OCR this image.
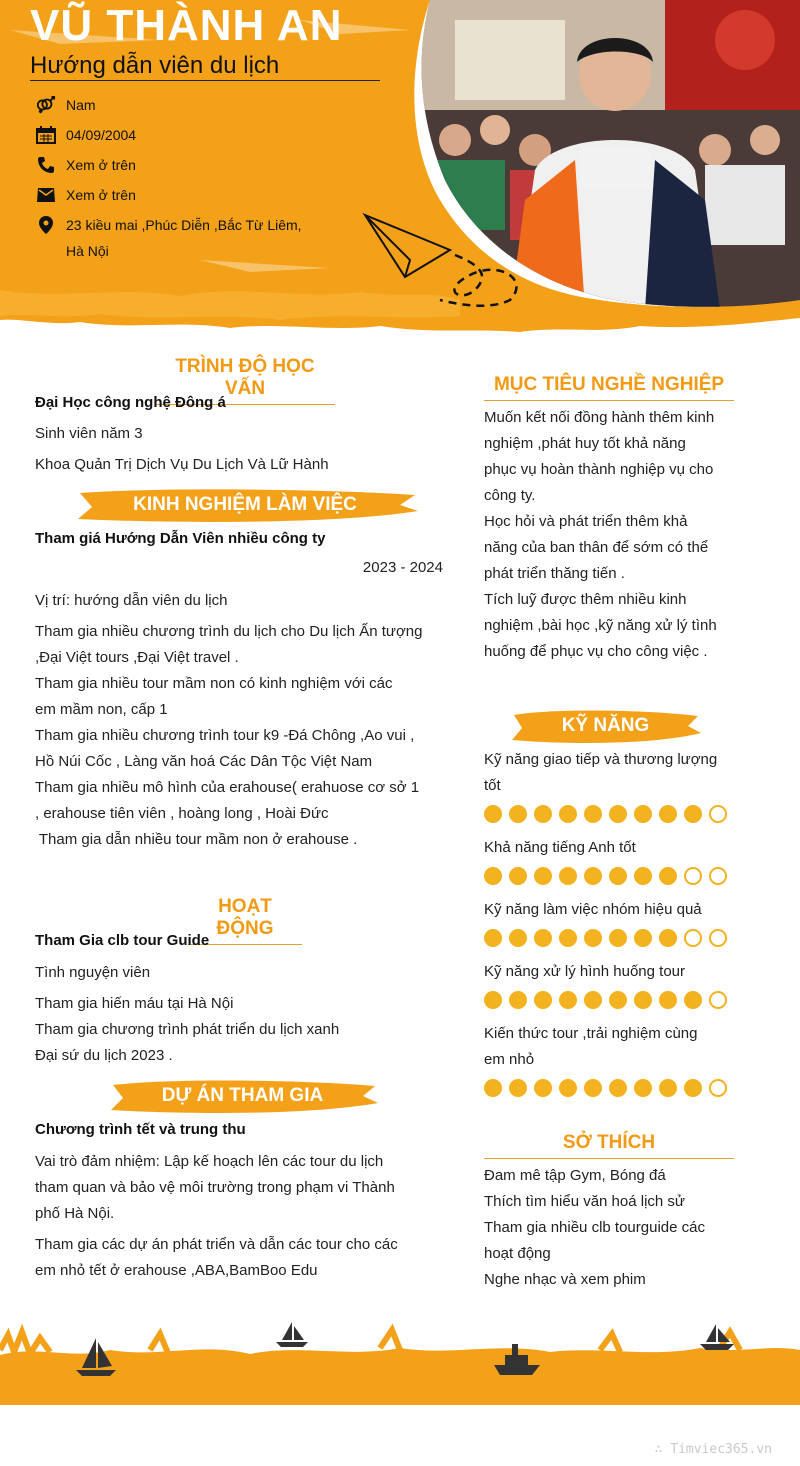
VŨ THÀNH AN
Hướng dẫn viên du lịch
Nam
04/09/2004
Xem ở trên
Xem ở trên
23 kiều mai ,Phúc Diễn ,Bắc Từ Liêm,
Hà Nội
TRÌNH ĐỘ HỌC VẤN
Đại Học công nghệ Đông á
Sinh viên năm 3
Khoa Quản Trị Dịch Vụ Du Lịch Và Lữ Hành
KINH NGHIỆM LÀM VIỆC
Tham giá Hướng Dẫn Viên nhiều công ty
2023 - 2024
Vị trí: hướng dẫn viên du lịch
Tham gia nhiều chương trình du lịch cho Du lịch Ấn tượng
,Đại Việt tours ,Đại Việt travel .
Tham gia nhiều tour mầm non có kinh nghiệm với các
em mầm non, cấp 1
Tham gia nhiều chương trình tour k9 -Đá Chông ,Ao vui ,
Hồ Núi Cốc , Làng văn hoá Các Dân Tộc Việt Nam
Tham gia nhiều mô hình của erahouse( erahuose cơ sở 1
, erahouse tiên viên , hoàng long , Hoài Đức
Tham gia dẫn nhiều tour mầm non ở erahouse .
HOẠT ĐỘNG
Tham Gia clb tour Guide
Tình nguyện viên
Tham gia hiến máu tại Hà Nội
Tham gia chương trình phát triển du lịch xanh
Đại sứ du lịch 2023 .
DỰ ÁN THAM GIA
Chương trình tết và trung thu
Vai trò đảm nhiệm: Lập kế hoạch lên các tour du lịch
tham quan và bảo vệ môi trường trong phạm vi Thành
phố Hà Nội.
Tham gia các dự án phát triển và dẫn các tour cho các
em nhỏ tết ở erahouse ,ABA,BamBoo Edu
MỤC TIÊU NGHỀ NGHIỆP
Muốn kết nối đồng hành thêm kinh
nghiệm ,phát huy tốt khả năng
phục vụ hoàn thành nghiệp vụ cho
công ty.
Học hỏi và phát triển thêm khả
năng của ban thân để sớm có thể
phát triển thăng tiến .
Tích luỹ được thêm nhiều kinh
nghiệm ,bài học ,kỹ năng xử lý tình
huống để phục vụ cho công việc .
KỸ NĂNG
Kỹ năng giao tiếp và thương lượng
tốt
Khả năng tiếng Anh tốt
Kỹ năng làm việc nhóm hiệu quả
Kỹ năng xử lý hình huống tour
Kiến thức tour ,trải nghiệm cùng
em nhỏ
SỞ THÍCH
Đam mê tập Gym, Bóng đá
Thích tìm hiểu văn hoá lịch sử
Tham gia nhiều clb tourguide các
hoạt động
Nghe nhạc và xem phim
∴ Timviec365.vn
